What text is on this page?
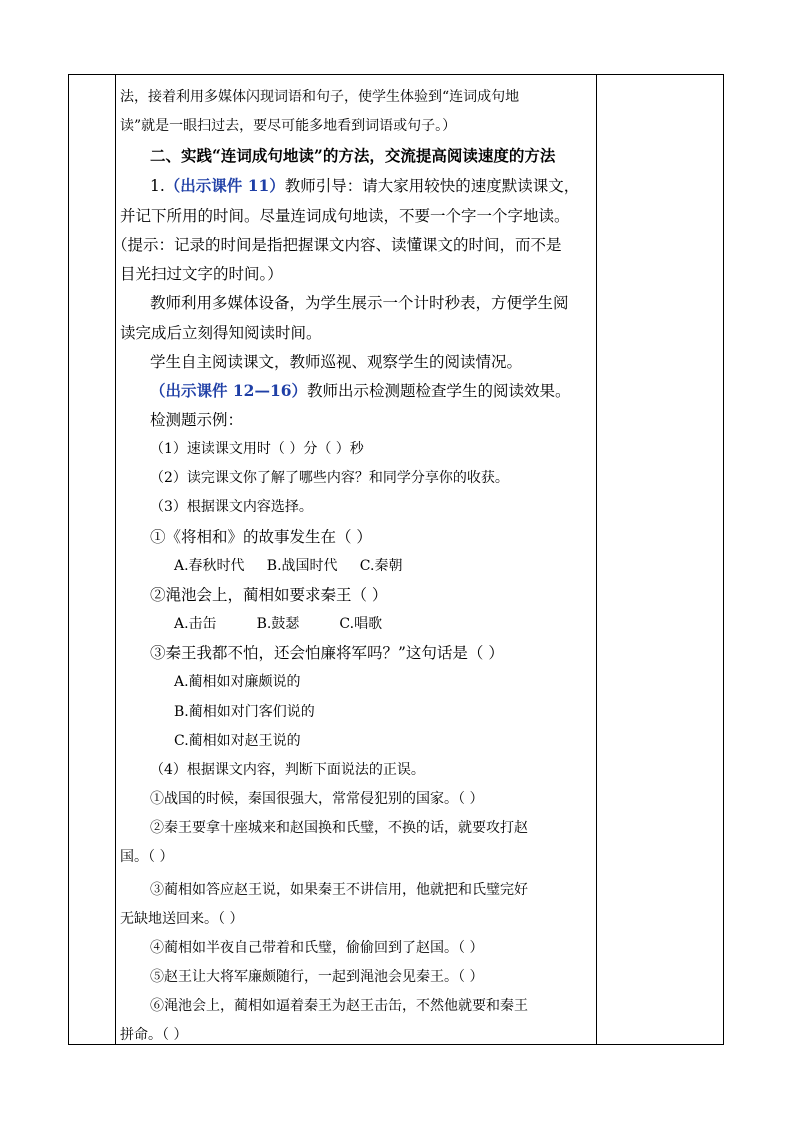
法，接着利用多媒体闪现词语和句子，使学生体验到“连词成句地
读”就是一眼扫过去，要尽可能多地看到词语或句子。）
二、实践“连词成句地读”的方法，交流提高阅读速度的方法
1.（出示课件 11）教师引导：请大家用较快的速度默读课文，
并记下所用的时间。尽量连词成句地读，不要一个字一个字地读。
（提示：记录的时间是指把握课文内容、读懂课文的时间，而不是
目光扫过文字的时间。）
教师利用多媒体设备，为学生展示一个计时秒表，方便学生阅
读完成后立刻得知阅读时间。
学生自主阅读课文，教师巡视、观察学生的阅读情况。
（出示课件 12—16）教师出示检测题检查学生的阅读效果。
检测题示例：
（1）速读课文用时（ ）分（ ）秒
（2）读完课文你了解了哪些内容？和同学分享你的收获。
（3）根据课文内容选择。
①《将相和》的故事发生在（ ）
A.春秋时代     B.战国时代     C.秦朝
②渑池会上，蔺相如要求秦王（ ）
A.击缶         B.鼓瑟         C.唱歌
③秦王我都不怕，还会怕廉将军吗？”这句话是（ ）
A.蔺相如对廉颇说的
B.蔺相如对门客们说的
C.蔺相如对赵王说的
（4）根据课文内容，判断下面说法的正误。
①战国的时候，秦国很强大，常常侵犯别的国家。（ ）
②秦王要拿十座城来和赵国换和氏璧，不换的话，就要攻打赵
国。（ ）
③蔺相如答应赵王说，如果秦王不讲信用，他就把和氏璧完好
无缺地送回来。（ ）
④蔺相如半夜自己带着和氏璧，偷偷回到了赵国。（ ）
⑤赵王让大将军廉颇随行，一起到渑池会见秦王。（ ）
⑥渑池会上，蔺相如逼着秦王为赵王击缶，不然他就要和秦王
拼命。（ ）
